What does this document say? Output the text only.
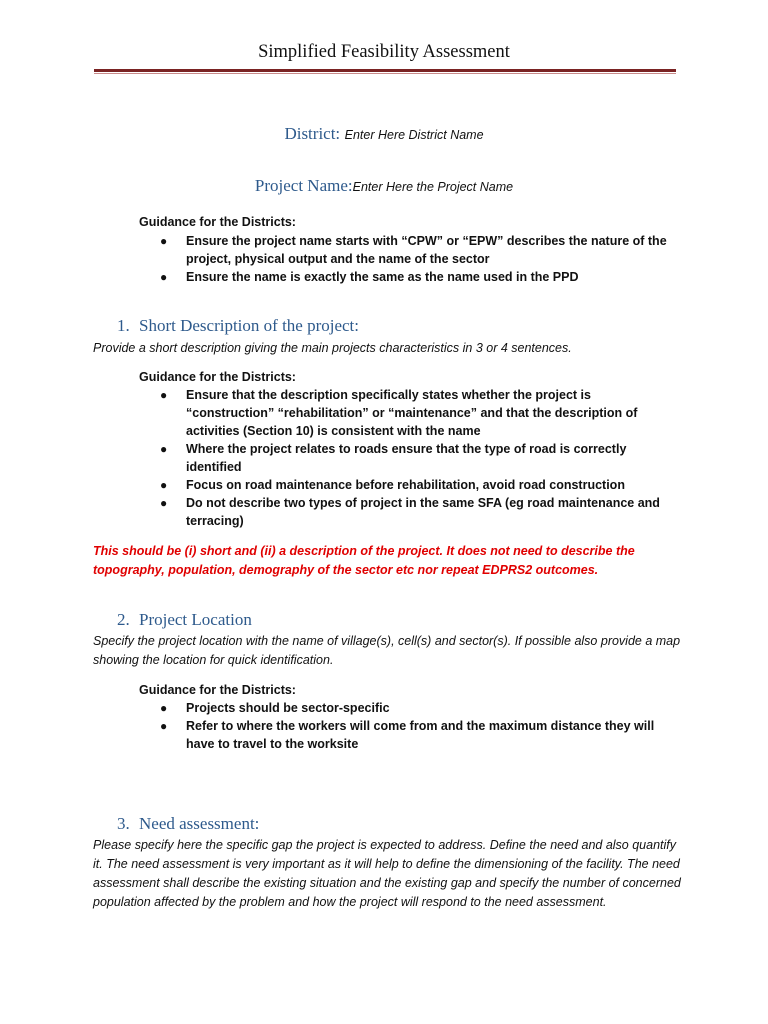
Simplified Feasibility Assessment
District: Enter Here District Name
Project Name:Enter Here the Project Name
Guidance for the Districts:
● Ensure the project name starts with “CPW” or “EPW” describes the nature of the project, physical output and the name of the sector
● Ensure the name is exactly the same as the name used in the PPD
1. Short Description of the project:
Provide a short description giving the main projects characteristics in 3 or 4 sentences.
Guidance for the Districts:
● Ensure that the description specifically states whether the project is “construction” “rehabilitation” or “maintenance” and that the description of activities (Section 10) is consistent with the name
● Where the project relates to roads ensure that the type of road is correctly identified
● Focus on road maintenance before rehabilitation, avoid road construction
● Do not describe two types of project in the same SFA (eg road maintenance and terracing)
This should be (i) short and (ii) a description of the project. It does not need to describe the topography, population, demography of the sector etc nor repeat EDPRS2 outcomes.
2. Project Location
Specify the project location with the name of village(s), cell(s) and sector(s). If possible also provide a map showing the location for quick identification.
Guidance for the Districts:
● Projects should be sector-specific
● Refer to where the workers will come from and the maximum distance they will have to travel to the worksite
3. Need assessment:
Please specify here the specific gap the project is expected to address. Define the need and also quantify it. The need assessment is very important as it will help to define the dimensioning of the facility. The need assessment shall describe the existing situation and the existing gap and specify the number of concerned population affected by the problem and how the project will respond to the need assessment.
